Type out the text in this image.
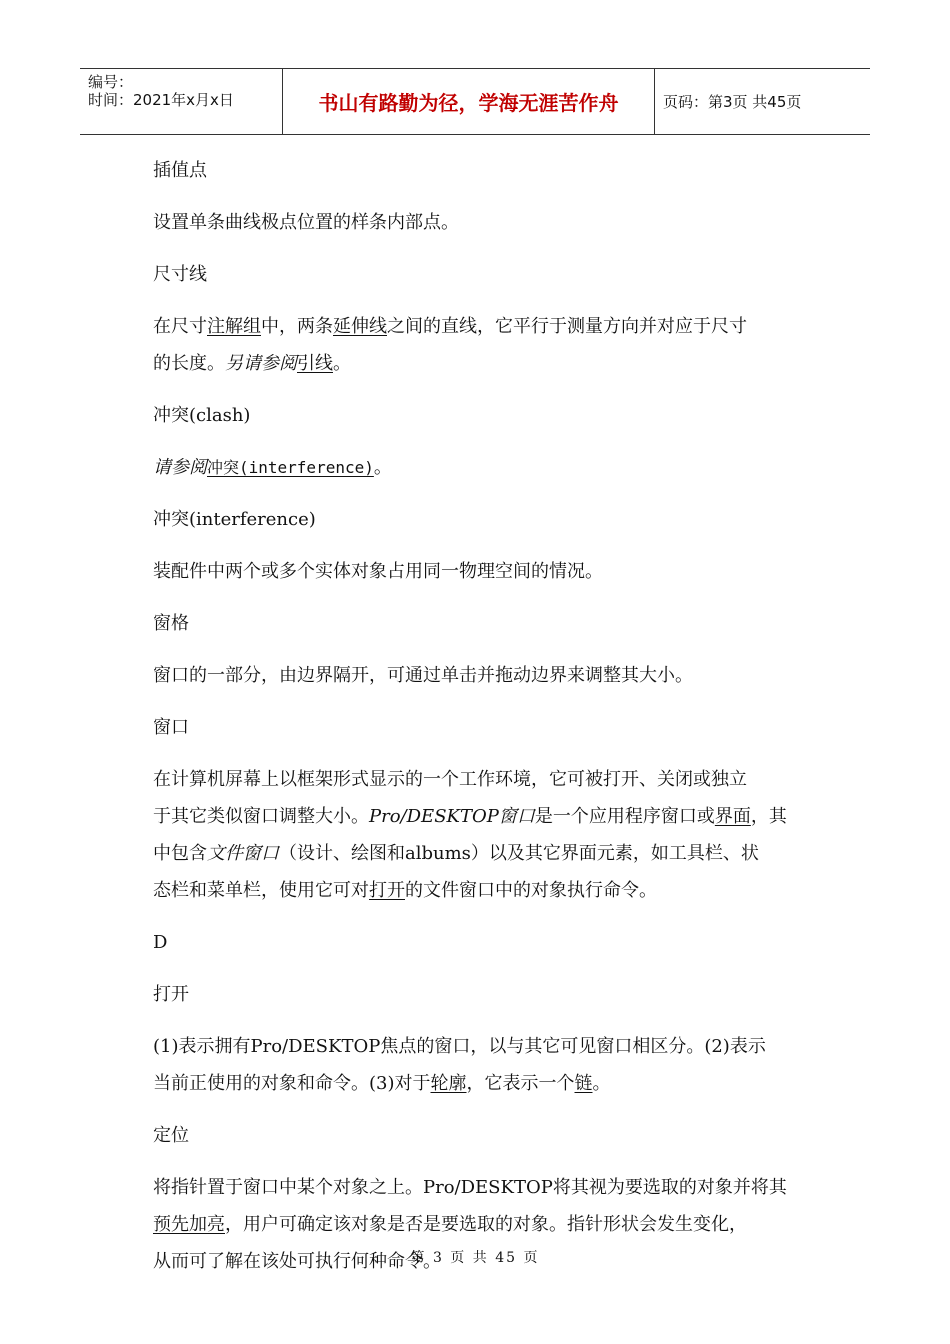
编号：
时间：2021年x月x日	书山有路勤为径，学海无涯苦作舟	页码：第3页 共45页

插值点

设置单条曲线极点位置的样条内部点。

尺寸线

在尺寸注解组中，两条延伸线之间的直线，它平行于测量方向并对应于尺寸
的长度。另请参阅引线。

冲突(clash)

请参阅冲突(interference)。

冲突(interference)

装配件中两个或多个实体对象占用同一物理空间的情况。

窗格

窗口的一部分，由边界隔开，可通过单击并拖动边界来调整其大小。

窗口

在计算机屏幕上以框架形式显示的一个工作环境，它可被打开、关闭或独立
于其它类似窗口调整大小。Pro/DESKTOP窗口是一个应用程序窗口或界面，其
中包含文件窗口（设计、绘图和albums）以及其它界面元素，如工具栏、状
态栏和菜单栏，使用它可对打开的文件窗口中的对象执行命令。

D

打开

(1)表示拥有Pro/DESKTOP焦点的窗口，以与其它可见窗口相区分。(2)表示
当前正使用的对象和命令。(3)对于轮廓，它表示一个链。

定位

将指针置于窗口中某个对象之上。Pro/DESKTOP将其视为要选取的对象并将其
预先加亮，用户可确定该对象是否是要选取的对象。指针形状会发生变化，
从而可了解在该处可执行何种命令。

第 3 页 共 45 页
